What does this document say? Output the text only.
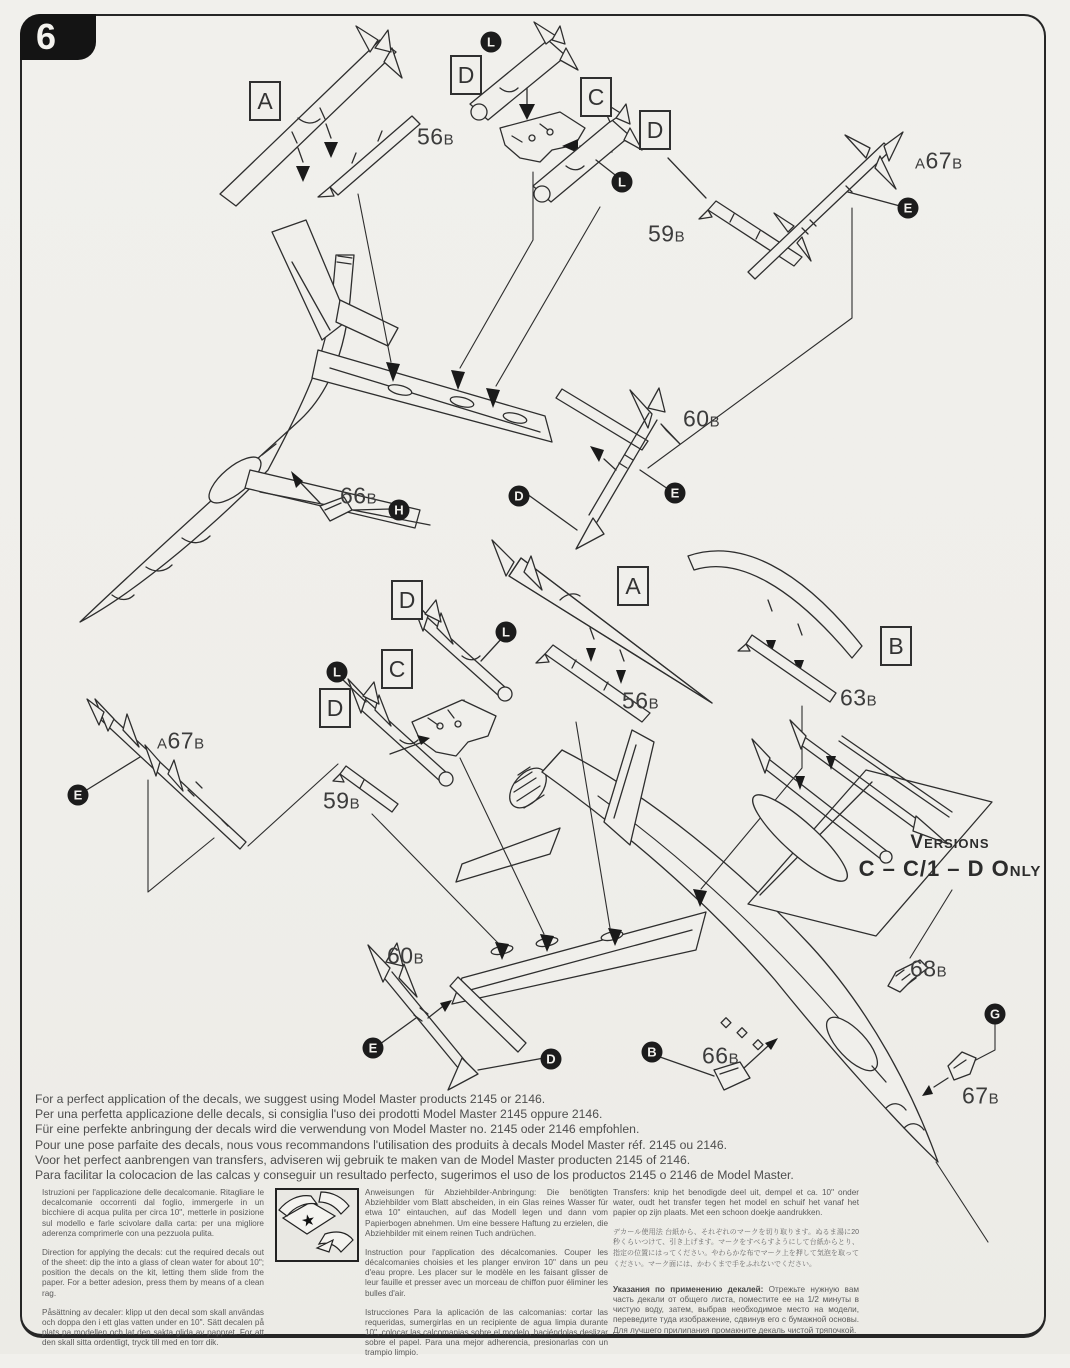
6
Versions
C – C/1 – D Only
For a perfect application of the decals, we suggest using Model Master products 2145 or 2146.
Per una perfetta applicazione delle decals, si consiglia l'uso dei prodotti Model Master 2145 oppure 2146.
Für eine perfekte anbringung der decals wird die verwendung von Model Master no. 2145 oder 2146 empfohlen.
Pour une pose parfaite des decals, nous vous recommandons l'utilisation des produits à decals Model Master réf. 2145 ou 2146.
Voor het perfect aanbrengen van transfers, adviseren wij gebruik te maken van de Model Master producten 2145 of 2146.
Para facilitar la colocacion de las calcas y conseguir un resultado perfecto, sugerimos el uso de los productos 2145 o 2146 de Model Master.

Istruzioni per l'applicazione delle decalcomanie. Ritagliare le decalcomanie occorrenti dal foglio, immergerle in un bicchiere di acqua pulita per circa 10", metterle in posizione sul modello e farle scivolare dalla carta: per una migliore aderenza comprimerle con una pezzuola pulita.

Direction for applying the decals: cut the required decals out of the sheet: dip the into a glass of clean water for about 10"; position the decals on the kit, letting them slide from the paper. For a better adesion, press them by means of a clean rag.

Påsättning av decaler: klipp ut den decal som skall användas och doppa den i ett glas vatten under en 10". Sätt decalen på plats pa modellen och lat den sakta glida av pappret. For att den skall sitta ordentligt, tryck till med en torr dik.

Anweisungen für Abziehbilder-Anbringung: Die benötigten Abziehbilder vom Blatt abscheiden, in ein Glas reines Wasser für etwa 10" eintauchen, auf das Modell legen und dann vom Papierbogen abnehmen. Um eine bessere Haftung zu erzielen, die Abziehbilder mit einem reinen Tuch andrüchen.

Instruction pour l'application des décalcomanies. Couper les décalcomanies choisies et les planger environ 10" dans un peu d'eau propre. Les placer sur le modèle en les faisant glisser de leur fauille et presser avec un morceau de chiffon puor éliminer les bulles d'air.

Istrucciones Para la aplicación de las calcomanias: cortar las requeridas, sumergirlas en un recipiente de agua limpia durante 10", colocar las calcomanias sobre el modelo, haciéndolas deslizar sobre el papel. Para una mejor adherencia, presionarlas con un trampio limpio.

Transfers: knip het benodigde deel uit, dempel et ca. 10" onder water, oudt het transfer tegen het model en schuif het vanaf het papier op zijn plaats. Met een schoon doekje aandrukken.

デカール使用法 台紙から、それぞれのマークを切り取ります。ぬるま湯に20秒くらいつけて、引き上げます。マークをすべらすようにして台紙からとり、指定の位置にはってください。やわらかな布でマーク上を押して気泡を取ってください。マーク面には、かわくまで手をふれないでください。

Указания по применению декалей: Отрежьте нужную вам часть декали от общего листа, поместите ее на 1/2 минуты в чистую воду, затем, выбрав необходимое место на модели, переведите туда изображение, сдвинув его с бумажной основы. Для лучшего прилипания промакните декаль чистой тряпочкой.

★
A
D
C
D
L
L
E
H
D	E
56B
59B
A67B
60B
66B
D
C
D
A
B
L
L
E
E
D	B
G
A67B
59B
56B	63B
60B
66B
67B
68B
